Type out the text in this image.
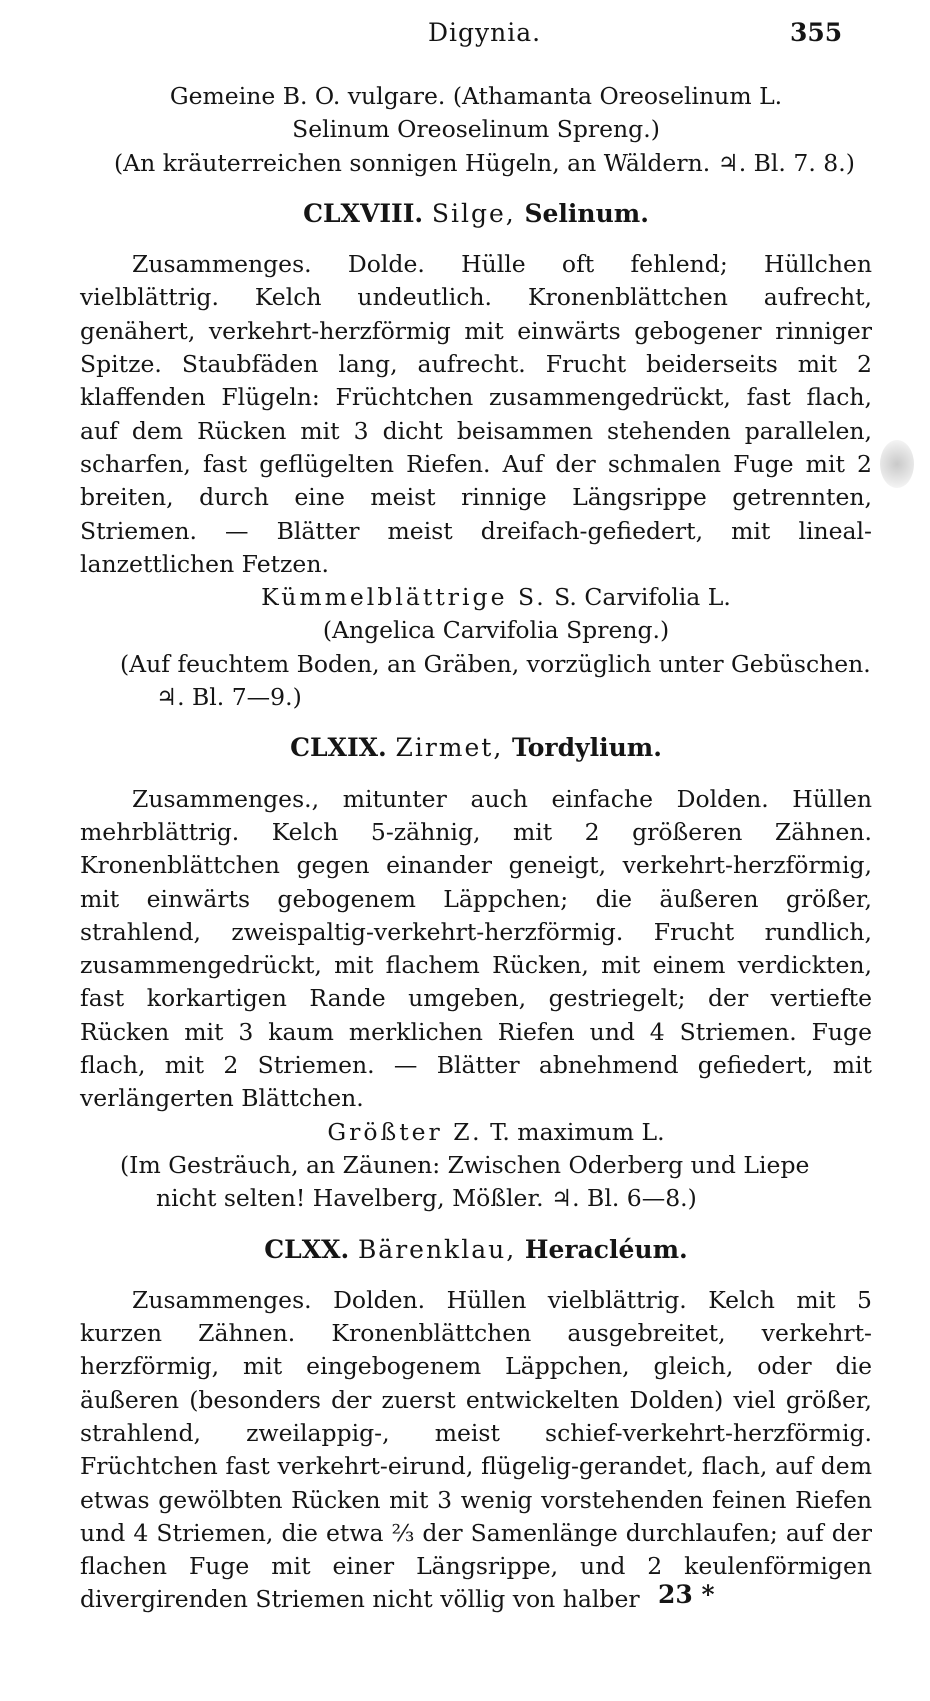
Digynia.	355

Gemeine B. O. vulgare. (Athamanta Oreoselinum L.

Selinum Oreoselinum Spreng.)

(An kräuterreichen sonnigen Hügeln, an Wäldern. ♃. Bl. 7. 8.)

CLXVIII. Silge, Selinum.

Zusammenges. Dolde. Hülle oft fehlend; Hüllchen vielblättrig. Kelch undeutlich. Kronenblättchen aufrecht, genähert, verkehrt-herzförmig mit einwärts gebogener rinniger Spitze. Staubfäden lang, aufrecht. Frucht beiderseits mit 2 klaffenden Flügeln: Früchtchen zusammengedrückt, fast flach, auf dem Rücken mit 3 dicht beisammen stehenden parallelen, scharfen, fast geflügelten Riefen. Auf der schmalen Fuge mit 2 breiten, durch eine meist rinnige Längsrippe getrennten, Striemen. — Blätter meist dreifach-gefiedert, mit lineal-lanzettlichen Fetzen.

Kümmelblättrige S. S. Carvifolia L.

(Angelica Carvifolia Spreng.)

(Auf feuchtem Boden, an Gräben, vorzüglich unter Gebüschen. ♃. Bl. 7—9.)

CLXIX. Zirmet, Tordylium.

Zusammenges., mitunter auch einfache Dolden. Hüllen mehrblättrig. Kelch 5-zähnig, mit 2 größeren Zähnen. Kronenblättchen gegen einander geneigt, verkehrt-herzförmig, mit einwärts gebogenem Läppchen; die äußeren größer, strahlend, zweispaltig-verkehrt-herzförmig. Frucht rundlich, zusammengedrückt, mit flachem Rücken, mit einem verdickten, fast korkartigen Rande umgeben, gestriegelt; der vertiefte Rücken mit 3 kaum merklichen Riefen und 4 Striemen. Fuge flach, mit 2 Striemen. — Blätter abnehmend gefiedert, mit verlängerten Blättchen.

Größter Z. T. maximum L.

(Im Gesträuch, an Zäunen: Zwischen Oderberg und Liepe nicht selten! Havelberg, Mößler. ♃. Bl. 6—8.)

CLXX. Bärenklau, Heracléum.

Zusammenges. Dolden. Hüllen vielblättrig. Kelch mit 5 kurzen Zähnen. Kronenblättchen ausgebreitet, verkehrt-herzförmig, mit eingebogenem Läppchen, gleich, oder die äußeren (besonders der zuerst entwickelten Dolden) viel größer, strahlend, zweilappig-, meist schief-verkehrt-herzförmig. Früchtchen fast verkehrt-eirund, flügelig-gerandet, flach, auf dem etwas gewölbten Rücken mit 3 wenig vorstehenden feinen Riefen und 4 Striemen, die etwa ⅔ der Samenlänge durchlaufen; auf der flachen Fuge mit einer Längsrippe, und 2 keulenförmigen divergirenden Striemen nicht völlig von halber 23 *
